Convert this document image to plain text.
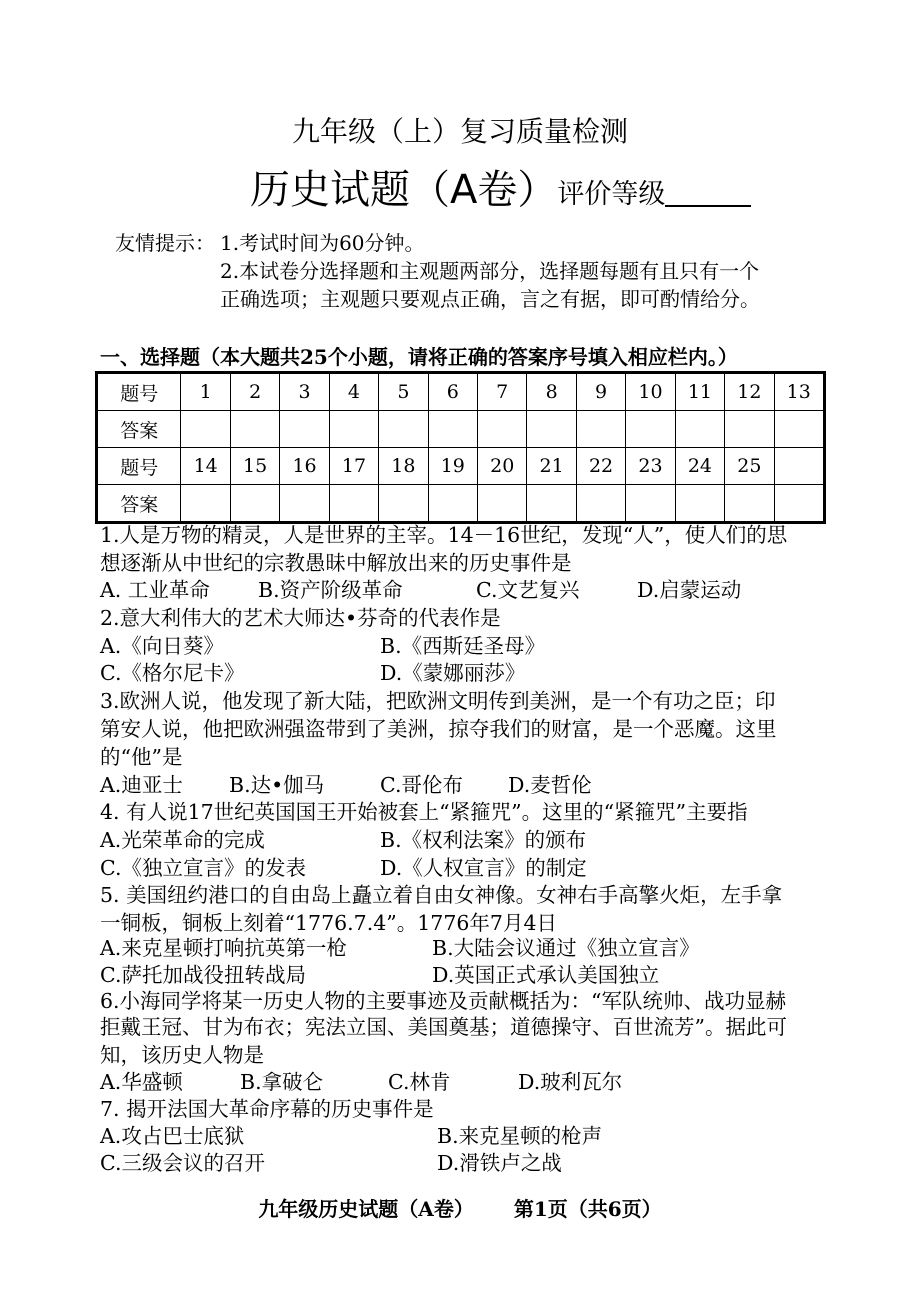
九年级（上）复习质量检测
历史试题（A卷）评价等级
友情提示： 1.考试时间为60分钟。
2.本试卷分选择题和主观题两部分，选择题每题有且只有一个
正确选项；主观题只要观点正确，言之有据，即可酌情给分。
一、选择题（本大题共25个小题，请将正确的答案序号填入相应栏内。）
题号	1	2	3	4	5	6	7	8	9	10	11	12	13
答案													
题号	14	15	16	17	18	19	20	21	22	23	24	25	
答案													
1.人是万物的精灵，人是世界的主宰。14－16世纪，发现“人”，使人们的思
想逐渐从中世纪的宗教愚昧中解放出来的历史事件是
A. 工业革命 B.资产阶级革命	C.文艺复兴	D.启蒙运动
2.意大利伟大的艺术大师达•芬奇的代表作是
A.《向日葵》	B.《西斯廷圣母》
C.《格尔尼卡》	D.《蒙娜丽莎》
3.欧洲人说，他发现了新大陆，把欧洲文明传到美洲，是一个有功之臣；印
第安人说，他把欧洲强盗带到了美洲，掠夺我们的财富，是一个恶魔。这里
的“他”是
A.迪亚士 B.达•伽马	C.哥伦布 D.麦哲伦
4. 有人说17世纪英国国王开始被套上“紧箍咒”。这里的“紧箍咒”主要指
A.光荣革命的完成	B.《权利法案》的颁布
C.《独立宣言》的发表	D.《人权宣言》的制定
5. 美国纽约港口的自由岛上矗立着自由女神像。女神右手高擎火炬，左手拿
一铜板，铜板上刻着“1776.7.4”。1776年7月4日
A.来克星顿打响抗英第一枪	B.大陆会议通过《独立宣言》
C.萨托加战役扭转战局	D.英国正式承认美国独立
6.小海同学将某一历史人物的主要事迹及贡献概括为：“军队统帅、战功显赫
拒戴王冠、甘为布衣；宪法立国、美国奠基；道德操守、百世流芳”。据此可
知，该历史人物是
A.华盛顿	B.拿破仑	C.林肯	D.玻利瓦尔
7. 揭开法国大革命序幕的历史事件是
A.攻占巴士底狱	B.来克星顿的枪声
C.三级会议的召开	D.滑铁卢之战
九年级历史试题（A卷） 第1页（共6页）
